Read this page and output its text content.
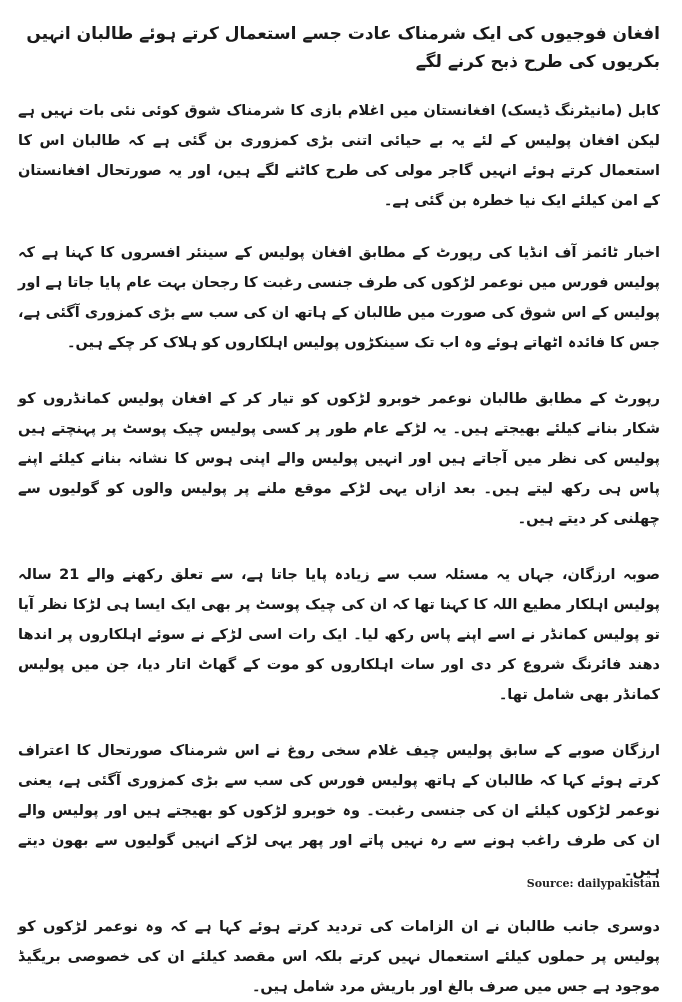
افغان فوجیوں کی ایک شرمناک عادت جسے استعمال کرتے ہوئے طالبان انہیں بکریوں کی طرح ذبح کرنے لگے

کابل (مانیٹرنگ ڈیسک) افغانستان میں اغلام بازی کا شرمناک شوق کوئی نئی بات نہیں ہے لیکن افغان پولیس کے لئے یہ بے حیائی اتنی بڑی کمزوری بن گئی ہے کہ طالبان اس کا استعمال کرتے ہوئے انہیں گاجر مولی کی طرح کاٹنے لگے ہیں، اور یہ صورتحال افغانستان کے امن کیلئے ایک نیا خطرہ بن گئی ہے۔

اخبار ٹائمز آف انڈیا کی رپورٹ کے مطابق افغان پولیس کے سینئر افسروں کا کہنا ہے کہ پولیس فورس میں نوعمر لڑکوں کی طرف جنسی رغبت کا رجحان بہت عام پایا جاتا ہے اور پولیس کے اس شوق کی صورت میں طالبان کے ہاتھ ان کی سب سے بڑی کمزوری آگئی ہے، جس کا فائدہ اٹھاتے ہوئے وہ اب تک سینکڑوں پولیس اہلکاروں کو ہلاک کر چکے ہیں۔

رپورٹ کے مطابق طالبان نوعمر خوبرو لڑکوں کو تیار کر کے افغان پولیس کمانڈروں کو شکار بنانے کیلئے بھیجتے ہیں۔ یہ لڑکے عام طور پر کسی پولیس چیک پوسٹ پر پہنچتے ہیں پولیس کی نظر میں آجاتے ہیں اور انہیں پولیس والے اپنی ہوس کا نشانہ بنانے کیلئے اپنے پاس ہی رکھ لیتے ہیں۔ بعد ازاں یہی لڑکے موقع ملنے پر پولیس والوں کو گولیوں سے چھلنی کر دیتے ہیں۔

صوبہ ارزگان، جہاں یہ مسئلہ سب سے زیادہ پایا جاتا ہے، سے تعلق رکھنے والے 21 سالہ پولیس اہلکار مطیع اللہ کا کہنا تھا کہ ان کی چیک پوسٹ پر بھی ایک ایسا ہی لڑکا نظر آیا تو پولیس کمانڈر نے اسے اپنے پاس رکھ لیا۔ ایک رات اسی لڑکے نے سوئے اہلکاروں پر اندھا دھند فائرنگ شروع کر دی اور سات اہلکاروں کو موت کے گھاٹ اتار دیا، جن میں پولیس کمانڈر بھی شامل تھا۔

ارزگان صوبے کے سابق پولیس چیف غلام سخی روغ نے اس شرمناک صورتحال کا اعتراف کرتے ہوئے کہا کہ طالبان کے ہاتھ پولیس فورس کی سب سے بڑی کمزوری آگئی ہے، یعنی نوعمر لڑکوں کیلئے ان کی جنسی رغبت۔ وہ خوبرو لڑکوں کو بھیجتے ہیں اور پولیس والے ان کی طرف راغب ہونے سے رہ نہیں پاتے اور پھر یہی لڑکے انہیں گولیوں سے بھون دیتے ہیں۔

دوسری جانب طالبان نے ان الزامات کی تردید کرتے ہوئے کہا ہے کہ وہ نوعمر لڑکوں کو پولیس پر حملوں کیلئے استعمال نہیں کرتے بلکہ اس مقصد کیلئے ان کی خصوصی بریگیڈ موجود ہے جس میں صرف بالغ اور باریش مرد شامل ہیں۔

Source: dailypakistan
